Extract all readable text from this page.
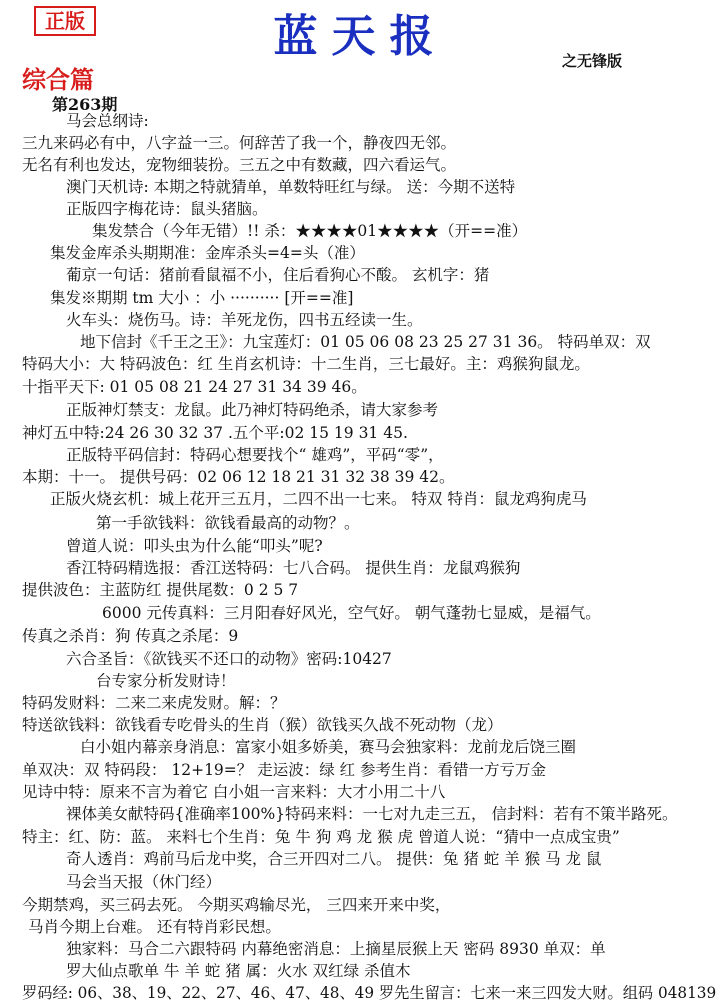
正版	蓝天报	之无锋版
综合篇
第263期
马会总纲诗:
三九来码必有中，八字益一三。何辞苦了我一个，静夜四无邻。
无名有利也发达，宠物细装扮。三五之中有数藏，四六看运气。
澳门天机诗: 本期之特就猜单，单数特旺红与绿。 送：今期不送特
正版四字梅花诗：鼠头猪脑。
集发禁合（今年无错）!! 杀：★★★★01★★★★（开==准）
集发金库杀头期期准：金库杀头=4=头（准）
葡京一句话：猪前看鼠福不小，住后看狗心不酸。 玄机字：猪
集发※期期 tm 大小 ：小 ·········· [开==准]
火车头：烧伤马。诗：羊死龙伤，四书五经读一生。
地下信封《千王之王》：九宝莲灯：01 05 06 08 23 25 27 31 36。 特码单双：双
特码大小：大 特码波色：红 生肖玄机诗：十二生肖，三七最好。主：鸡猴狗鼠龙。
十指平天下: 01 05 08 21 24 27 31 34 39 46。
正版神灯禁支：龙鼠。此乃神灯特码绝杀，请大家参考
神灯五中特:24 26 30 32 37 .五个平:02 15 19 31 45.
正版特平码信封：特码心想要找个“ 雄鸡”，平码“零”，
本期：十一。 提供号码：02 06 12 18 21 31 32 38 39 42。
正版火烧玄机：城上花开三五月，二四不出一七来。 特双 特肖：鼠龙鸡狗虎马
第一手欲钱料：欲钱看最高的动物？。
曾道人说：叩头虫为什么能“叩头”呢?
香江特码精选报：香江送特码：七八合码。 提供生肖：龙鼠鸡猴狗
提供波色：主蓝防红 提供尾数：0 2 5 7
6000 元传真料：三月阳春好风光，空气好。 朝气蓬勃七显威，是福气。
传真之杀肖：狗 传真之杀尾：9
六合圣旨：《欲钱买不还口的动物》密码:10427
台专家分析发财诗！
特码发财料：二来二来虎发财。解：？
特送欲钱料：欲钱看专吃骨头的生肖（猴）欲钱买久战不死动物（龙）
白小姐内幕亲身消息：富家小姐多娇美，赛马会独家料：龙前龙后饶三圈
单双决：双 特码段： 12+19=？ 走运波：绿 红 参考生肖：看错一方亏万金
见诗中特：原来不言为着它 白小姐一言来料：大才小用二十八
裸体美女献特码{准确率100%}特码来料：一七对九走三五， 信封料：若有不策半路死。
特主：红、防：蓝。 来料七个生肖：兔 牛 狗 鸡 龙 猴 虎 曾道人说：“猜中一点成宝贵”
奇人透肖：鸡前马后龙中奖，合三开四对二八。 提供：兔 猪 蛇 羊 猴 马 龙 鼠
马会当天报（休门经）
今期禁鸡，买三码去死。 今期买鸡输尽光， 三四来开来中奖，
马肖今期上台难。 还有特肖彩民想。
独家料：马合二六跟特码 内幕绝密消息：上摘星辰猴上天 密码 8930 单双：单
罗大仙点歌单 牛 羊 蛇 猪 属：火水 双红绿 杀值木
罗码经: 06、38、19、22、27、46、47、48、49 罗先生留言：七来一来三四发大财。组码 048139
